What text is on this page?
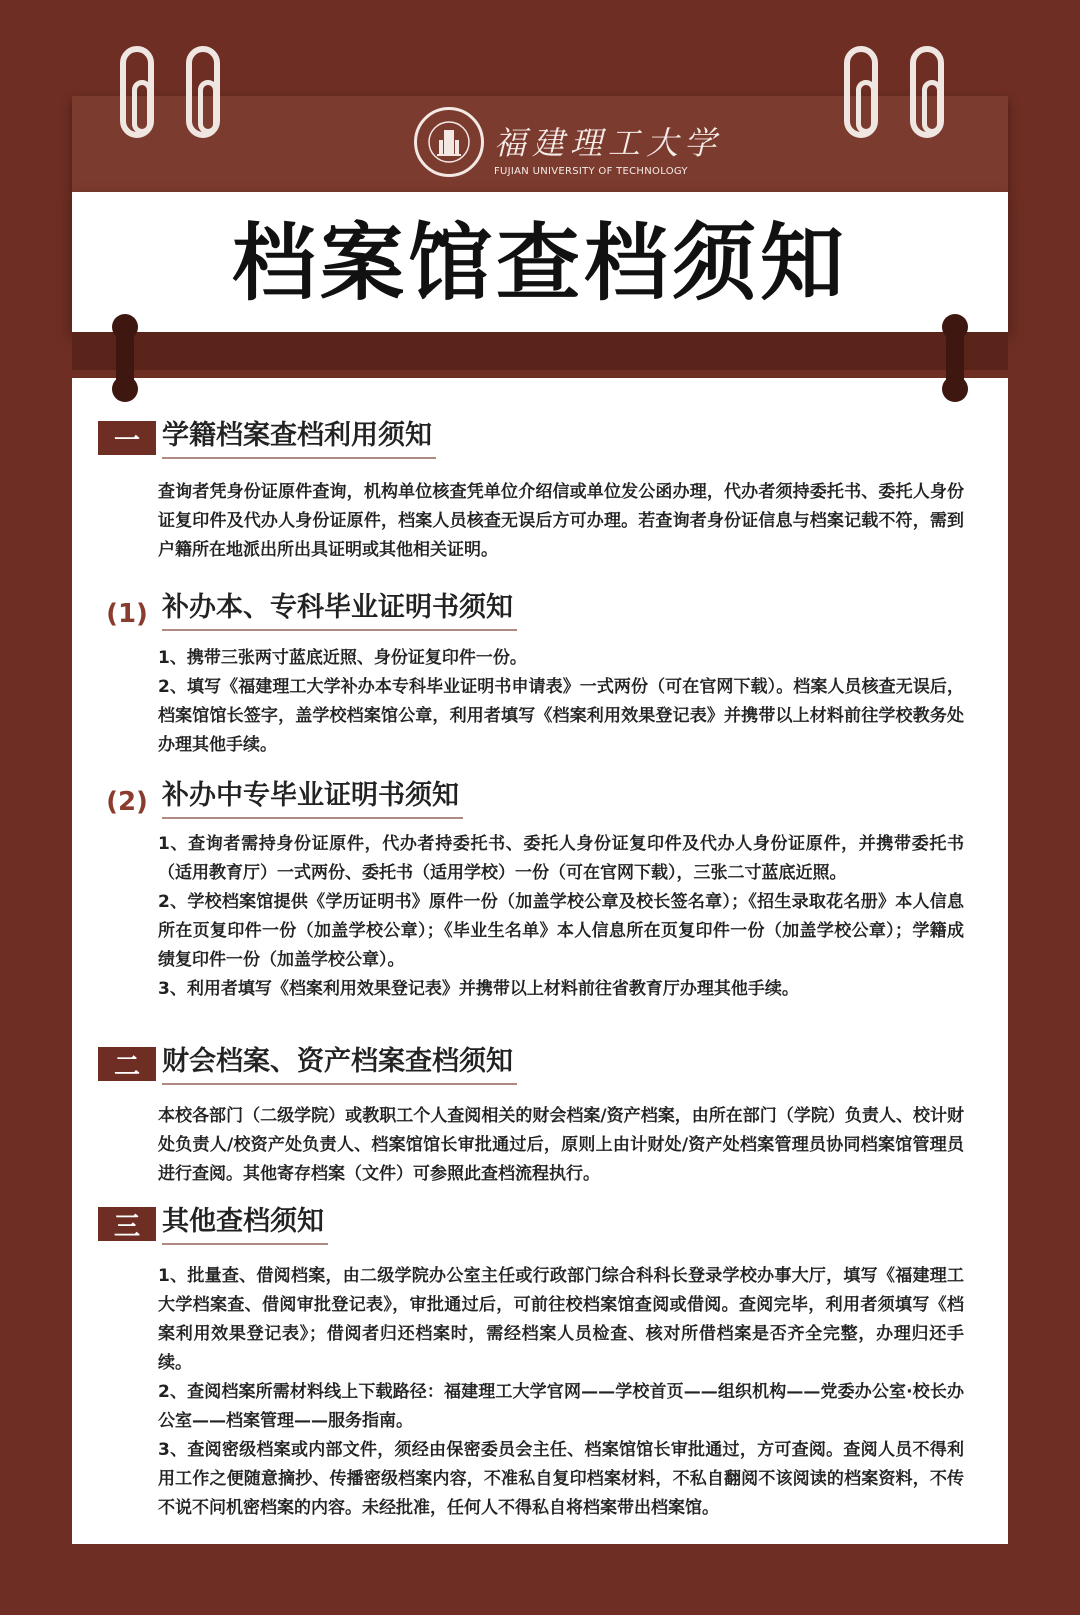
福建理工大学
FUJIAN UNIVERSITY OF TECHNOLOGY
档案馆查档须知
一 学籍档案查档利用须知

查询者凭身份证原件查询，机构单位核查凭单位介绍信或单位发公函办理，代办者须持委托书、委托人身份证复印件及代办人身份证原件，档案人员核查无误后方可办理。若查询者身份证信息与档案记载不符，需到户籍所在地派出所出具证明或其他相关证明。

(1) 补办本、专科毕业证明书须知

1、携带三张两寸蓝底近照、身份证复印件一份。

2、填写《福建理工大学补办本专科毕业证明书申请表》一式两份（可在官网下载）。档案人员核查无误后，档案馆馆长签字，盖学校档案馆公章，利用者填写《档案利用效果登记表》并携带以上材料前往学校教务处办理其他手续。

(2) 补办中专毕业证明书须知

1、查询者需持身份证原件，代办者持委托书、委托人身份证复印件及代办人身份证原件，并携带委托书（适用教育厅）一式两份、委托书（适用学校）一份（可在官网下载），三张二寸蓝底近照。

2、学校档案馆提供《学历证明书》原件一份（加盖学校公章及校长签名章）；《招生录取花名册》本人信息所在页复印件一份（加盖学校公章）；《毕业生名单》本人信息所在页复印件一份（加盖学校公章）；学籍成绩复印件一份（加盖学校公章）。

3、利用者填写《档案利用效果登记表》并携带以上材料前往省教育厅办理其他手续。

二 财会档案、资产档案查档须知

本校各部门（二级学院）或教职工个人查阅相关的财会档案/资产档案，由所在部门（学院）负责人、校计财处负责人/校资产处负责人、档案馆馆长审批通过后，原则上由计财处/资产处档案管理员协同档案馆管理员进行查阅。其他寄存档案（文件）可参照此查档流程执行。

三 其他查档须知

1、批量查、借阅档案，由二级学院办公室主任或行政部门综合科科长登录学校办事大厅，填写《福建理工大学档案查、借阅审批登记表》，审批通过后，可前往校档案馆查阅或借阅。查阅完毕，利用者须填写《档案利用效果登记表》；借阅者归还档案时，需经档案人员检查、核对所借档案是否齐全完整，办理归还手续。

2、查阅档案所需材料线上下载路径：福建理工大学官网——学校首页——组织机构——党委办公室·校长办公室——档案管理——服务指南。

3、查阅密级档案或内部文件，须经由保密委员会主任、档案馆馆长审批通过，方可查阅。查阅人员不得利用工作之便随意摘抄、传播密级档案内容，不准私自复印档案材料，不私自翻阅不该阅读的档案资料，不传不说不问机密档案的内容。未经批准，任何人不得私自将档案带出档案馆。
